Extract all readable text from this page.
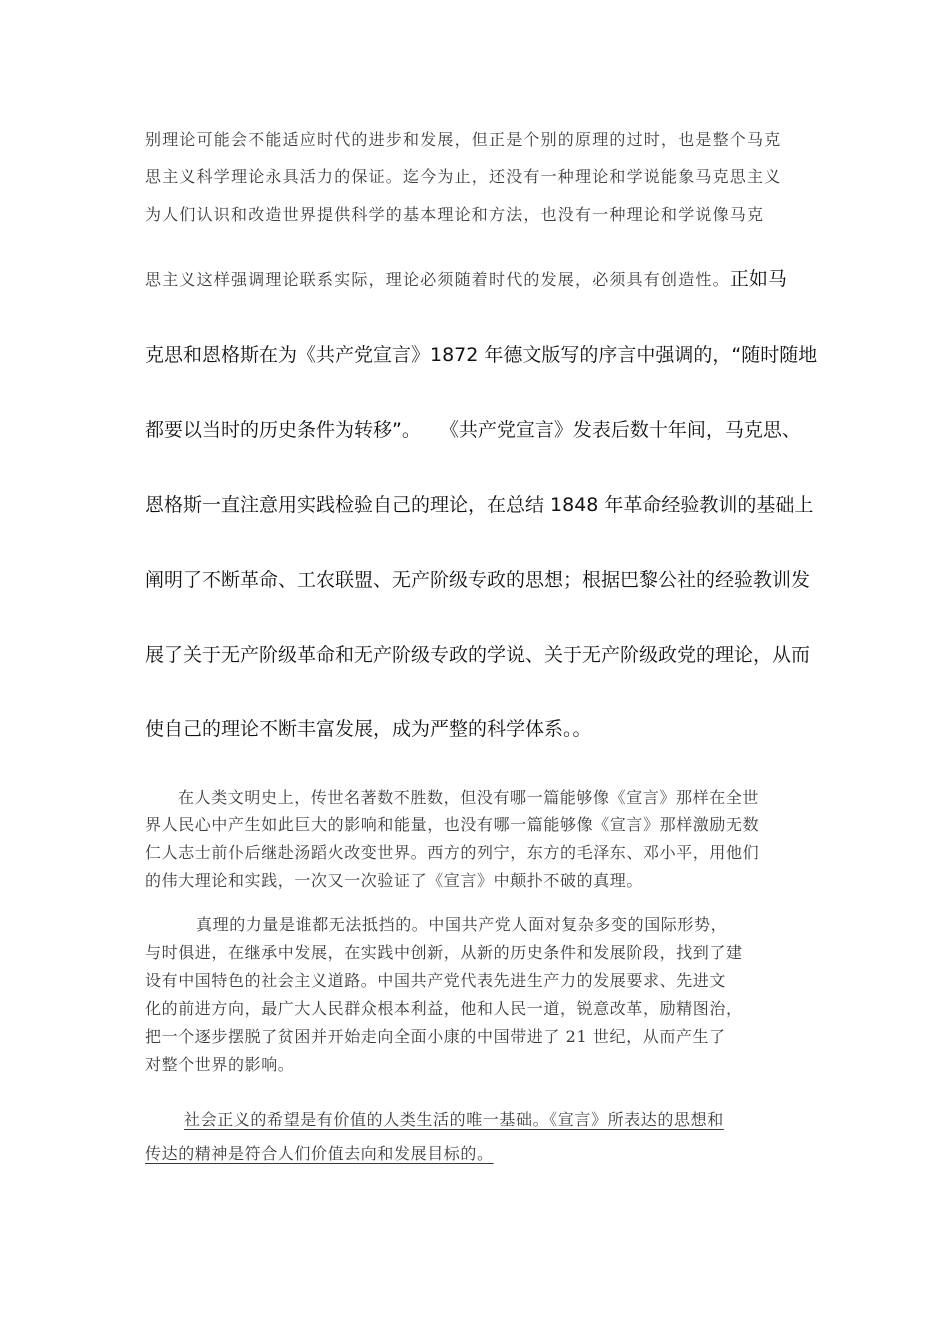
别理论可能会不能适应时代的进步和发展，但正是个别的原理的过时，也是整个马克
思主义科学理论永具活力的保证。迄今为止，还没有一种理论和学说能象马克思主义
为人们认识和改造世界提供科学的基本理论和方法，也没有一种理论和学说像马克
思主义这样强调理论联系实际，理论必须随着时代的发展，必须具有创造性。正如马
克思和恩格斯在为《共产党宣言》1872 年德文版写的序言中强调的，“随时随地
都要以当时的历史条件为转移”。　　《共产党宣言》发表后数十年间，马克思、
恩格斯一直注意用实践检验自己的理论，在总结 1848 年革命经验教训的基础上
阐明了不断革命、工农联盟、无产阶级专政的思想；根据巴黎公社的经验教训发
展了关于无产阶级革命和无产阶级专政的学说、关于无产阶级政党的理论，从而
使自己的理论不断丰富发展，成为严整的科学体系。。
在人类文明史上，传世名著数不胜数，但没有哪一篇能够像《宣言》那样在全世
界人民心中产生如此巨大的影响和能量，也没有哪一篇能够像《宣言》那样激励无数
仁人志士前仆后继赴汤蹈火改变世界。西方的列宁，东方的毛泽东、邓小平，用他们
的伟大理论和实践，一次又一次验证了《宣言》中颠扑不破的真理。
真理的力量是谁都无法抵挡的。中国共产党人面对复杂多变的国际形势，
与时俱进，在继承中发展，在实践中创新，从新的历史条件和发展阶段，找到了建
设有中国特色的社会主义道路。中国共产党代表先进生产力的发展要求、先进文
化的前进方向，最广大人民群众根本利益，他和人民一道，锐意改革，励精图治，
把一个逐步摆脱了贫困并开始走向全面小康的中国带进了 21 世纪，从而产生了
对整个世界的影响。
社会正义的希望是有价值的人类生活的唯一基础。《宣言》所表达的思想和
传达的精神是符合人们价值去向和发展目标的。
